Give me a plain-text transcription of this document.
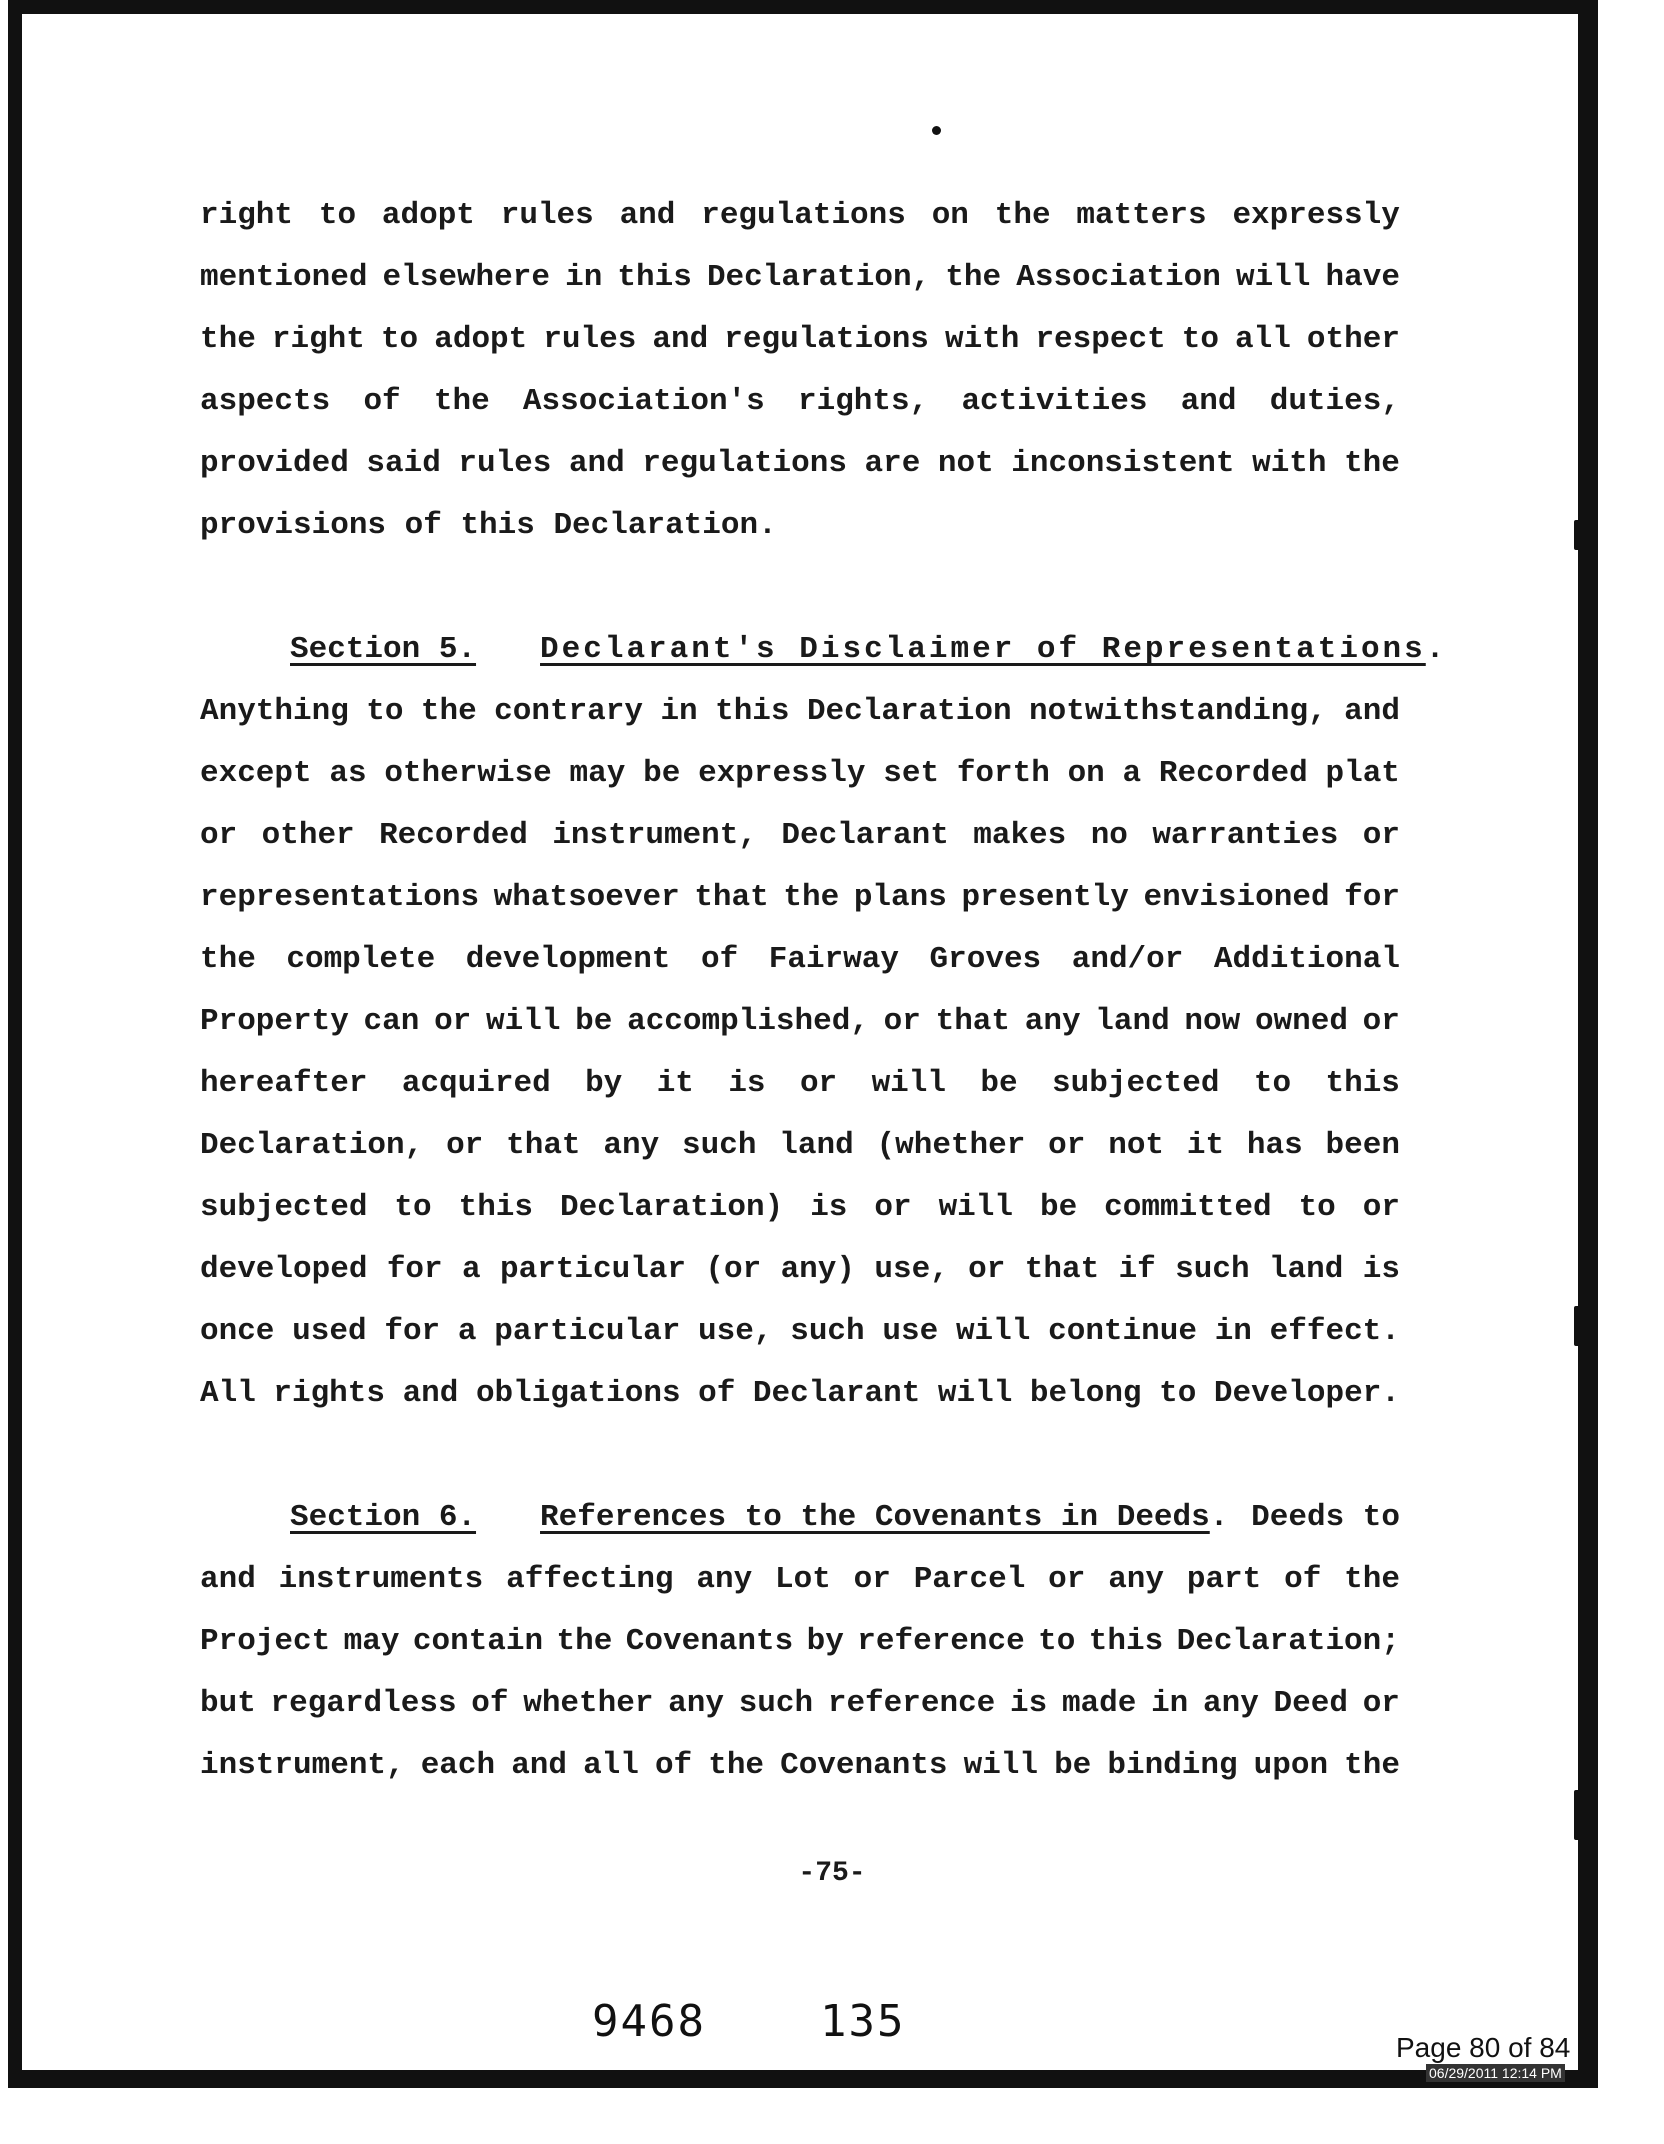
right to adopt rules and regulations on the matters expressly
mentioned elsewhere in this Declaration, the Association will have
the right to adopt rules and regulations with respect to all other
aspects of the Association's rights, activities and duties,
provided said rules and regulations are not inconsistent with the
provisions of this Declaration.
Section 5. Declarant's Disclaimer of Representations.
Anything to the contrary in this Declaration notwithstanding, and
except as otherwise may be expressly set forth on a Recorded plat
or other Recorded instrument, Declarant makes no warranties or
representations whatsoever that the plans presently envisioned for
the complete development of Fairway Groves and/or Additional
Property can or will be accomplished, or that any land now owned or
hereafter acquired by it is or will be subjected to this
Declaration, or that any such land (whether or not it has been
subjected to this Declaration) is or will be committed to or
developed for a particular (or any) use, or that if such land is
once used for a particular use, such use will continue in effect.
All rights and obligations of Declarant will belong to Developer.
Section 6. References to the Covenants in Deeds. Deeds to
and instruments affecting any Lot or Parcel or any part of the
Project may contain the Covenants by reference to this Declaration;
but regardless of whether any such reference is made in any Deed or
instrument, each and all of the Covenants will be binding upon the
-75-
9468	135
Page 80 of 84
06/29/2011 12:14 PM
